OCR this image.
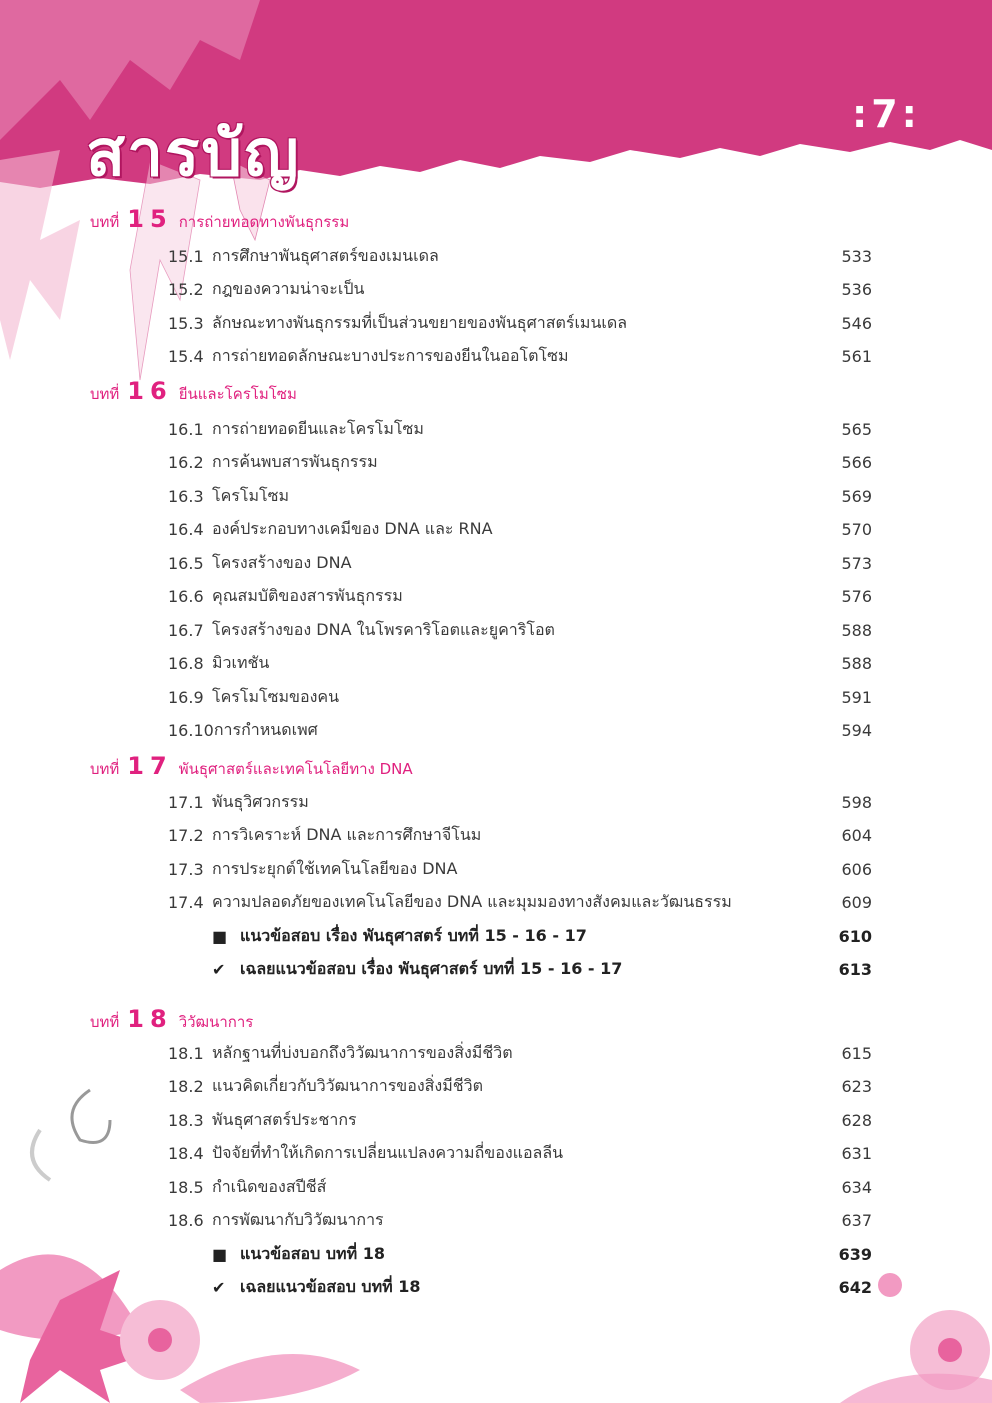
สารบัญ
:7:
บทที่ 15 การถ่ายทอดทางพันธุกรรม
15.1 การศึกษาพันธุศาสตร์ของเมนเดล	533
15.2 กฎของความน่าจะเป็น	536
15.3 ลักษณะทางพันธุกรรมที่เป็นส่วนขยายของพันธุศาสตร์เมนเดล	546
15.4 การถ่ายทอดลักษณะบางประการของยีนในออโตโซม	561
บทที่ 16 ยีนและโครโมโซม
16.1 การถ่ายทอดยีนและโครโมโซม	565
16.2 การค้นพบสารพันธุกรรม	566
16.3 โครโมโซม	569
16.4 องค์ประกอบทางเคมีของ DNA และ RNA	570
16.5 โครงสร้างของ DNA	573
16.6 คุณสมบัติของสารพันธุกรรม	576
16.7 โครงสร้างของ DNA ในโพรคาริโอตและยูคาริโอต	588
16.8 มิวเทชัน	588
16.9 โครโมโซมของคน	591
16.10 การกำหนดเพศ	594
บทที่ 17 พันธุศาสตร์และเทคโนโลยีทาง DNA
17.1 พันธุวิศวกรรม	598
17.2 การวิเคราะห์ DNA และการศึกษาจีโนม	604
17.3 การประยุกต์ใช้เทคโนโลยีของ DNA	606
17.4 ความปลอดภัยของเทคโนโลยีของ DNA และมุมมองทางสังคมและวัฒนธรรม	609
■ แนวข้อสอบ เรื่อง พันธุศาสตร์ บทที่ 15 - 16 - 17	610
✔ เฉลยแนวข้อสอบ เรื่อง พันธุศาสตร์ บทที่ 15 - 16 - 17	613
บทที่ 18 วิวัฒนาการ
18.1 หลักฐานที่บ่งบอกถึงวิวัฒนาการของสิ่งมีชีวิต	615
18.2 แนวคิดเกี่ยวกับวิวัฒนาการของสิ่งมีชีวิต	623
18.3 พันธุศาสตร์ประชากร	628
18.4 ปัจจัยที่ทำให้เกิดการเปลี่ยนแปลงความถี่ของแอลลีน	631
18.5 กำเนิดของสปีชีส์	634
18.6 การพัฒนากับวิวัฒนาการ	637
■ แนวข้อสอบ บทที่ 18	639
✔ เฉลยแนวข้อสอบ บทที่ 18	642
